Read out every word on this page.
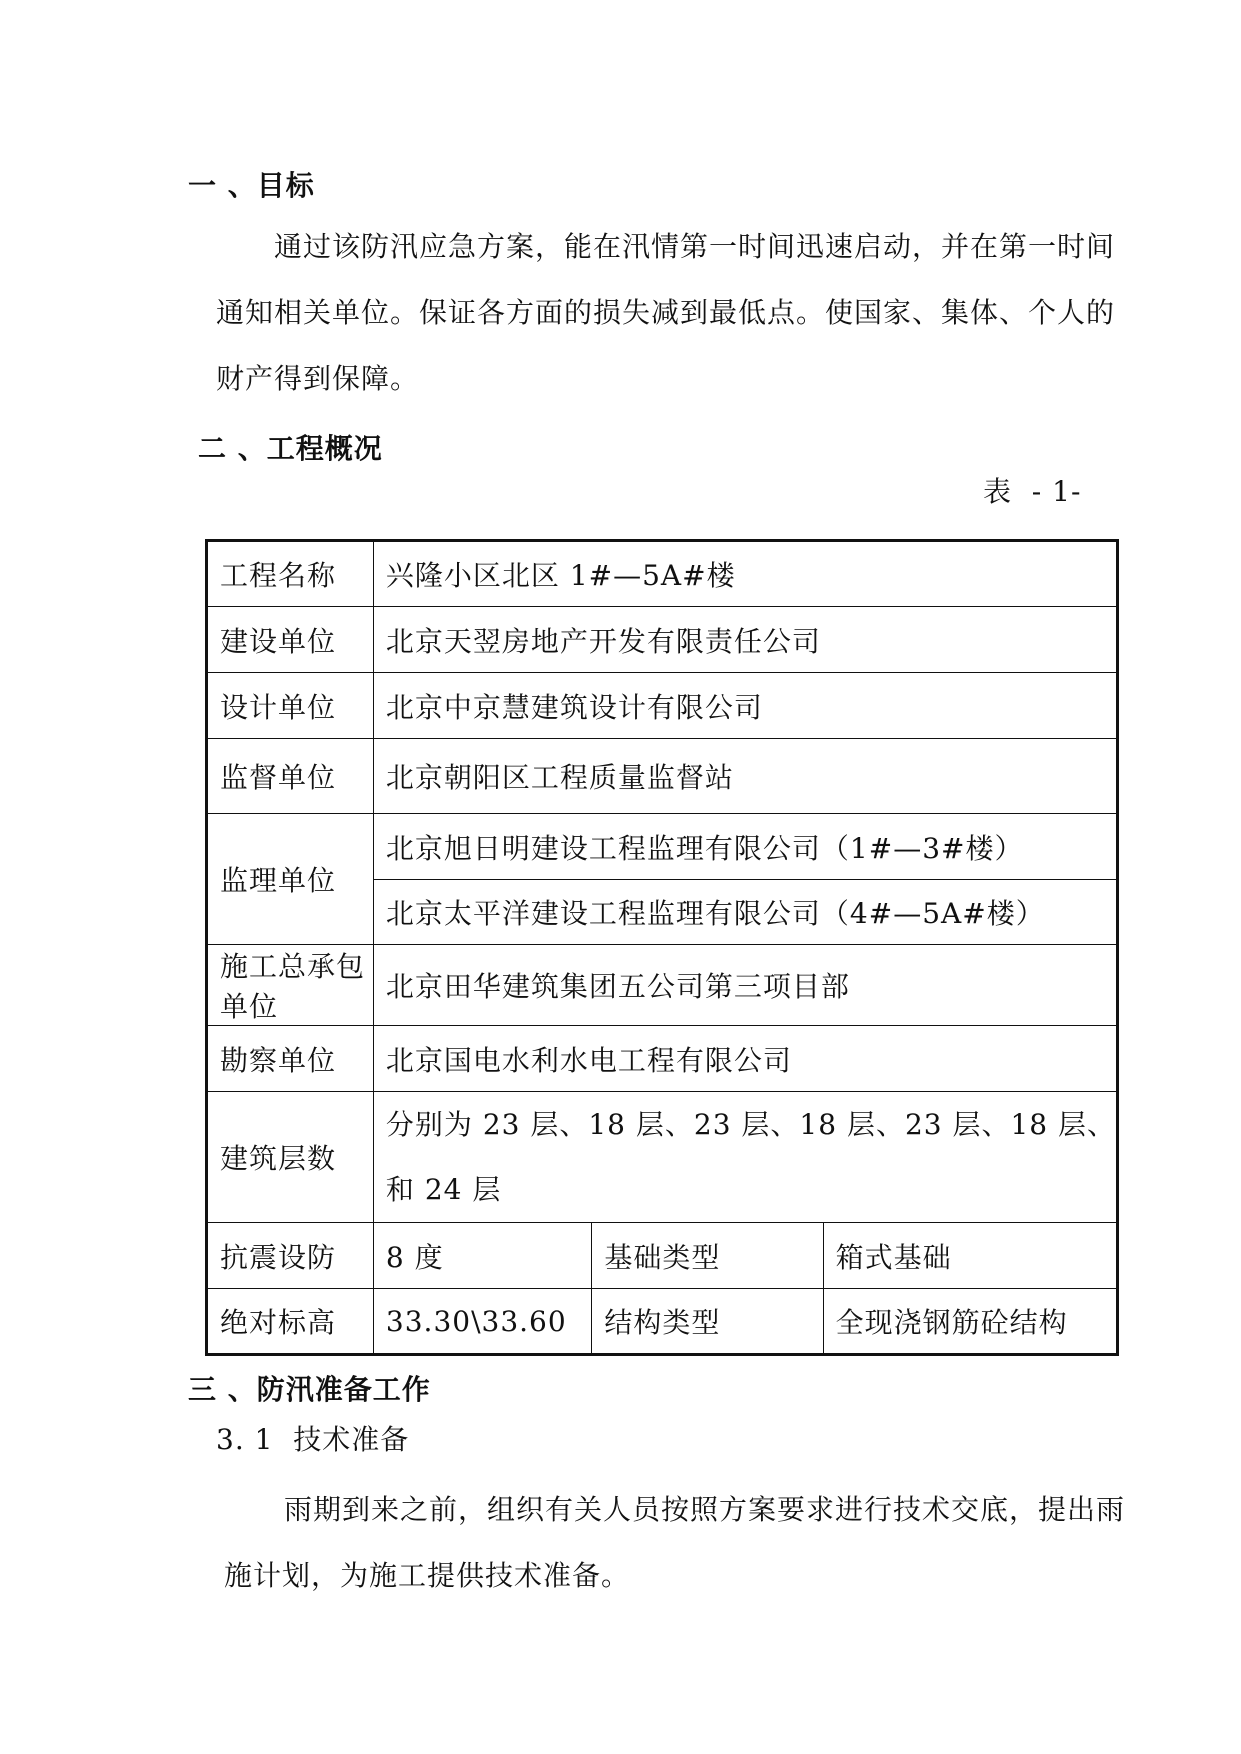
一 、目标
通过该防汛应急方案，能在汛情第一时间迅速启动，并在第一时间
通知相关单位。保证各方面的损失减到最低点。使国家、集体、个人的
财产得到保障。
二 、工程概况
表  - 1-
工程名称	兴隆小区北区 1#—5A#楼		
建设单位	北京天翌房地产开发有限责任公司		
设计单位	北京中京慧建筑设计有限公司		
监督单位	北京朝阳区工程质量监督站		
监理单位	北京旭日明建设工程监理有限公司（1#—3#楼）		
	北京太平洋建设工程监理有限公司（4#—5A#楼）		
施工总承包单位	北京田华建筑集团五公司第三项目部		
勘察单位	北京国电水利水电工程有限公司		
建筑层数	分别为 23 层、18 层、23 层、18 层、23 层、18 层、
和 24 层		

抗震设防	8 度	基础类型	箱式基础
绝对标高	33.30\33.60	结构类型	全现浇钢筋砼结构
三 、防汛准备工作
3. 1  技术准备
雨期到来之前，组织有关人员按照方案要求进行技术交底，提出雨
施计划，为施工提供技术准备。
